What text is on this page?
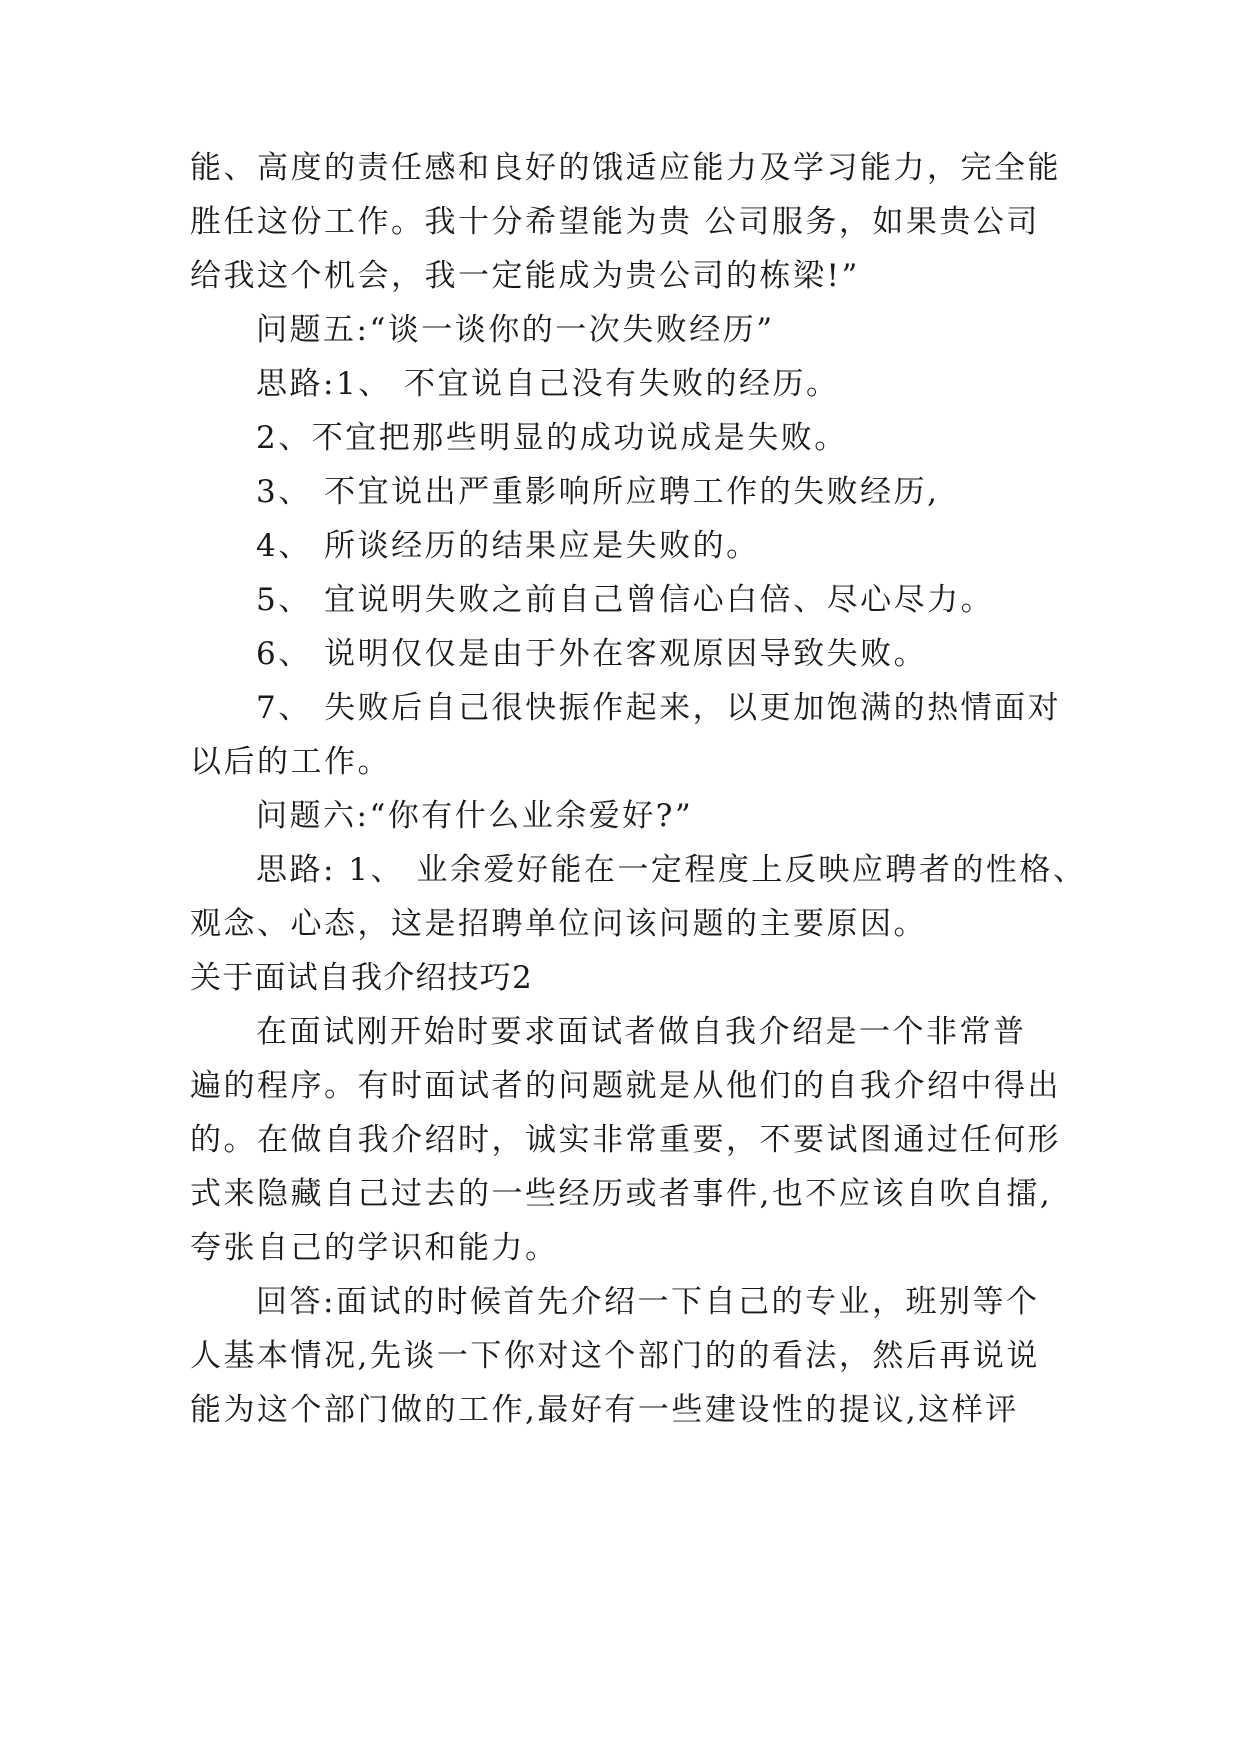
能、高度的责任感和良好的饿适应能力及学习能力，完全能
胜任这份工作。我十分希望能为贵 公司服务，如果贵公司
给我这个机会，我一定能成为贵公司的栋梁!”
问题五:“谈一谈你的一次失败经历”
思路:1、 不宜说自己没有失败的经历。
2、不宜把那些明显的成功说成是失败。
3、 不宜说出严重影响所应聘工作的失败经历,
4、 所谈经历的结果应是失败的。
5、 宜说明失败之前自己曾信心白倍、尽心尽力。
6、 说明仅仅是由于外在客观原因导致失败。
7、 失败后自己很快振作起来，以更加饱满的热情面对
以后的工作。
问题六:“你有什么业余爱好?”
思路: 1、 业余爱好能在一定程度上反映应聘者的性格、
观念、心态，这是招聘单位问该问题的主要原因。
关于面试自我介绍技巧2
在面试刚开始时要求面试者做自我介绍是一个非常普
遍的程序。有时面试者的问题就是从他们的自我介绍中得出
的。在做自我介绍时，诚实非常重要，不要试图通过任何形
式来隐藏自己过去的一些经历或者事件,也不应该自吹自擂,
夸张自己的学识和能力。
回答:面试的时候首先介绍一下自己的专业，班别等个
人基本情况,先谈一下你对这个部门的的看法，然后再说说
能为这个部门做的工作,最好有一些建设性的提议,这样评
